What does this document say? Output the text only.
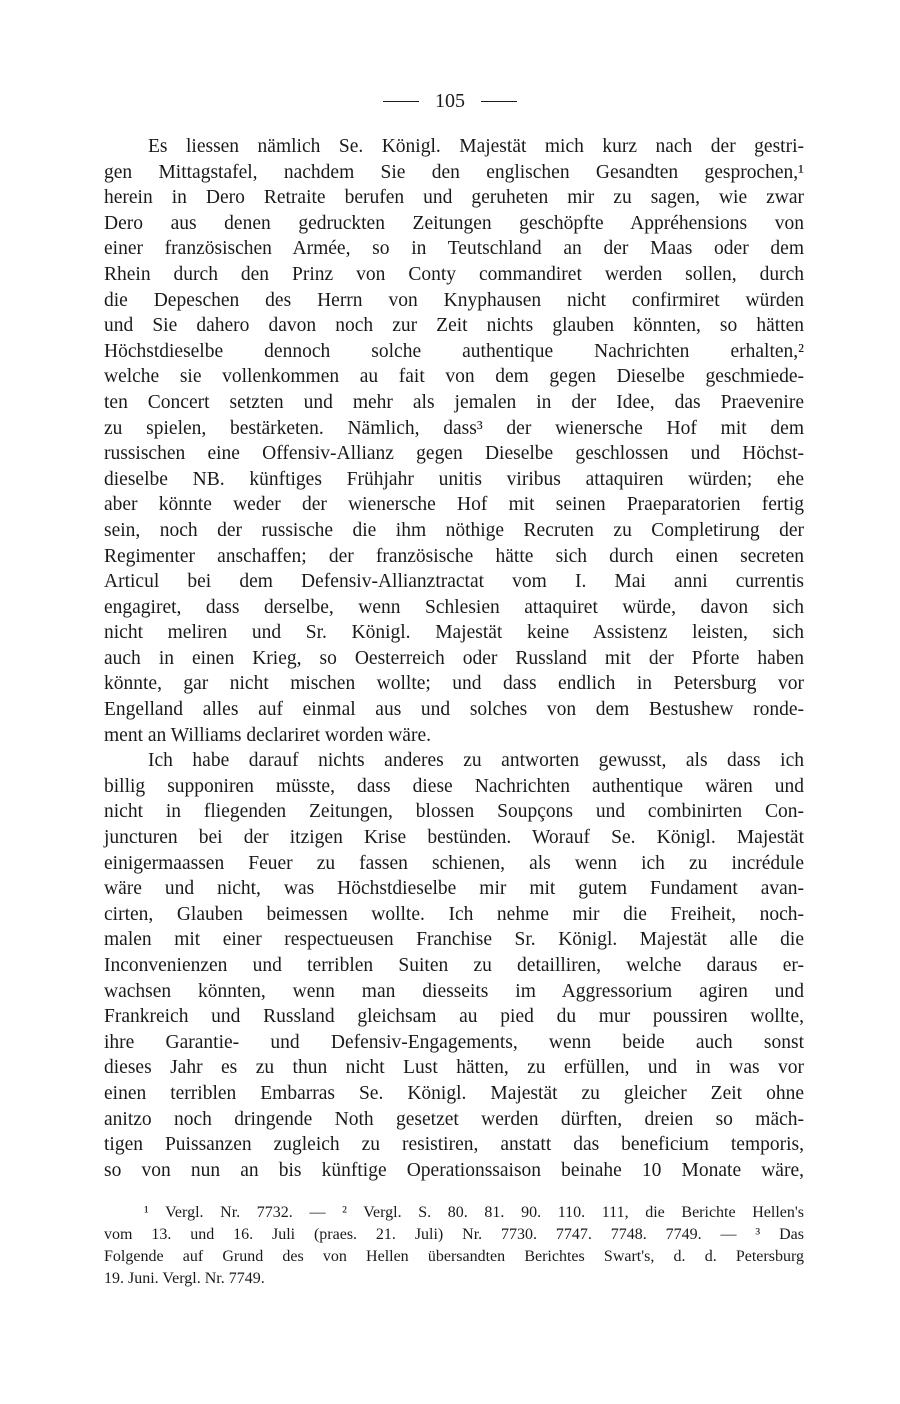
105
Es liessen nämlich Se. Königl. Majestät mich kurz nach der gestri-
gen Mittagstafel, nachdem Sie den englischen Gesandten gesprochen,¹
herein in Dero Retraite berufen und geruheten mir zu sagen, wie zwar
Dero aus denen gedruckten Zeitungen geschöpfte Appréhensions von
einer französischen Armée, so in Teutschland an der Maas oder dem
Rhein durch den Prinz von Conty commandiret werden sollen, durch
die Depeschen des Herrn von Knyphausen nicht confirmiret würden
und Sie dahero davon noch zur Zeit nichts glauben könnten, so hätten
Höchstdieselbe dennoch solche authentique Nachrichten erhalten,²
welche sie vollenkommen au fait von dem gegen Dieselbe geschmiede-
ten Concert setzten und mehr als jemalen in der Idee, das Praevenire
zu spielen, bestärketen. Nämlich, dass³ der wienersche Hof mit dem
russischen eine Offensiv-Allianz gegen Dieselbe geschlossen und Höchst-
dieselbe NB. künftiges Frühjahr unitis viribus attaquiren würden; ehe
aber könnte weder der wienersche Hof mit seinen Praeparatorien fertig
sein, noch der russische die ihm nöthige Recruten zu Completirung der
Regimenter anschaffen; der französische hätte sich durch einen secreten
Articul bei dem Defensiv-Allianztractat vom I. Mai anni currentis
engagiret, dass derselbe, wenn Schlesien attaquiret würde, davon sich
nicht meliren und Sr. Königl. Majestät keine Assistenz leisten, sich
auch in einen Krieg, so Oesterreich oder Russland mit der Pforte haben
könnte, gar nicht mischen wollte; und dass endlich in Petersburg vor
Engelland alles auf einmal aus und solches von dem Bestushew ronde-
ment an Williams declariret worden wäre.
Ich habe darauf nichts anderes zu antworten gewusst, als dass ich
billig supponiren müsste, dass diese Nachrichten authentique wären und
nicht in fliegenden Zeitungen, blossen Soupçons und combinirten Con-
juncturen bei der itzigen Krise bestünden. Worauf Se. Königl. Majestät
einigermaassen Feuer zu fassen schienen, als wenn ich zu incrédule
wäre und nicht, was Höchstdieselbe mir mit gutem Fundament avan-
cirten, Glauben beimessen wollte. Ich nehme mir die Freiheit, noch-
malen mit einer respectueusen Franchise Sr. Königl. Majestät alle die
Inconvenienzen und terriblen Suiten zu detailliren, welche daraus er-
wachsen könnten, wenn man diesseits im Aggressorium agiren und
Frankreich und Russland gleichsam au pied du mur poussiren wollte,
ihre Garantie- und Defensiv-Engagements, wenn beide auch sonst
dieses Jahr es zu thun nicht Lust hätten, zu erfüllen, und in was vor
einen terriblen Embarras Se. Königl. Majestät zu gleicher Zeit ohne
anitzo noch dringende Noth gesetzet werden dürften, dreien so mäch-
tigen Puissanzen zugleich zu resistiren, anstatt das beneficium temporis,
so von nun an bis künftige Operationssaison beinahe 10 Monate wäre,
¹ Vergl. Nr. 7732. — ² Vergl. S. 80. 81. 90. 110. 111, die Berichte Hellen's
vom 13. und 16. Juli (praes. 21. Juli) Nr. 7730. 7747. 7748. 7749. — ³ Das
Folgende auf Grund des von Hellen übersandten Berichtes Swart's, d. d. Petersburg
19. Juni. Vergl. Nr. 7749.
